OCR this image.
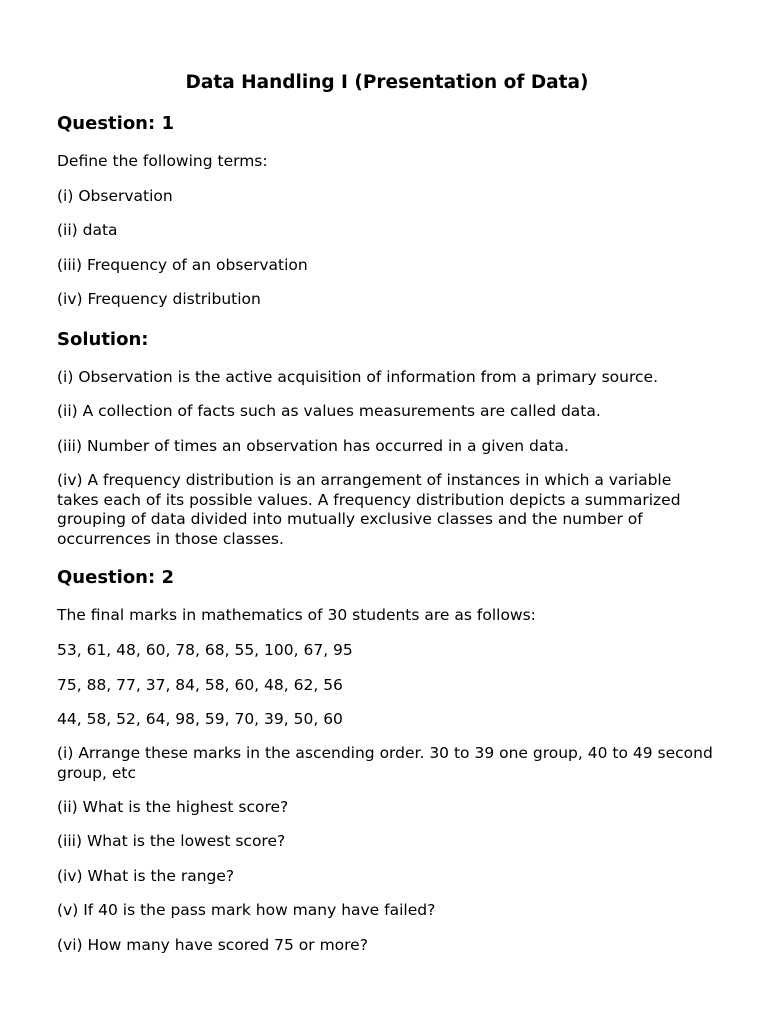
Data Handling I (Presentation of Data)
Question: 1
Define the following terms:
(i) Observation
(ii) data
(iii) Frequency of an observation
(iv) Frequency distribution
Solution:
(i) Observation is the active acquisition of information from a primary source.
(ii) A collection of facts such as values measurements are called data.
(iii) Number of times an observation has occurred in a given data.
(iv) A frequency distribution is an arrangement of instances in which a variable takes each of its possible values. A frequency distribution depicts a summarized grouping of data divided into mutually exclusive classes and the number of occurrences in those classes.
Question: 2
The final marks in mathematics of 30 students are as follows:
53, 61, 48, 60, 78, 68, 55, 100, 67, 95
75, 88, 77, 37, 84, 58, 60, 48, 62, 56
44, 58, 52, 64, 98, 59, 70, 39, 50, 60
(i) Arrange these marks in the ascending order. 30 to 39 one group, 40 to 49 second group, etc
(ii) What is the highest score?
(iii) What is the lowest score?
(iv) What is the range?
(v) If 40 is the pass mark how many have failed?
(vi) How many have scored 75 or more?
